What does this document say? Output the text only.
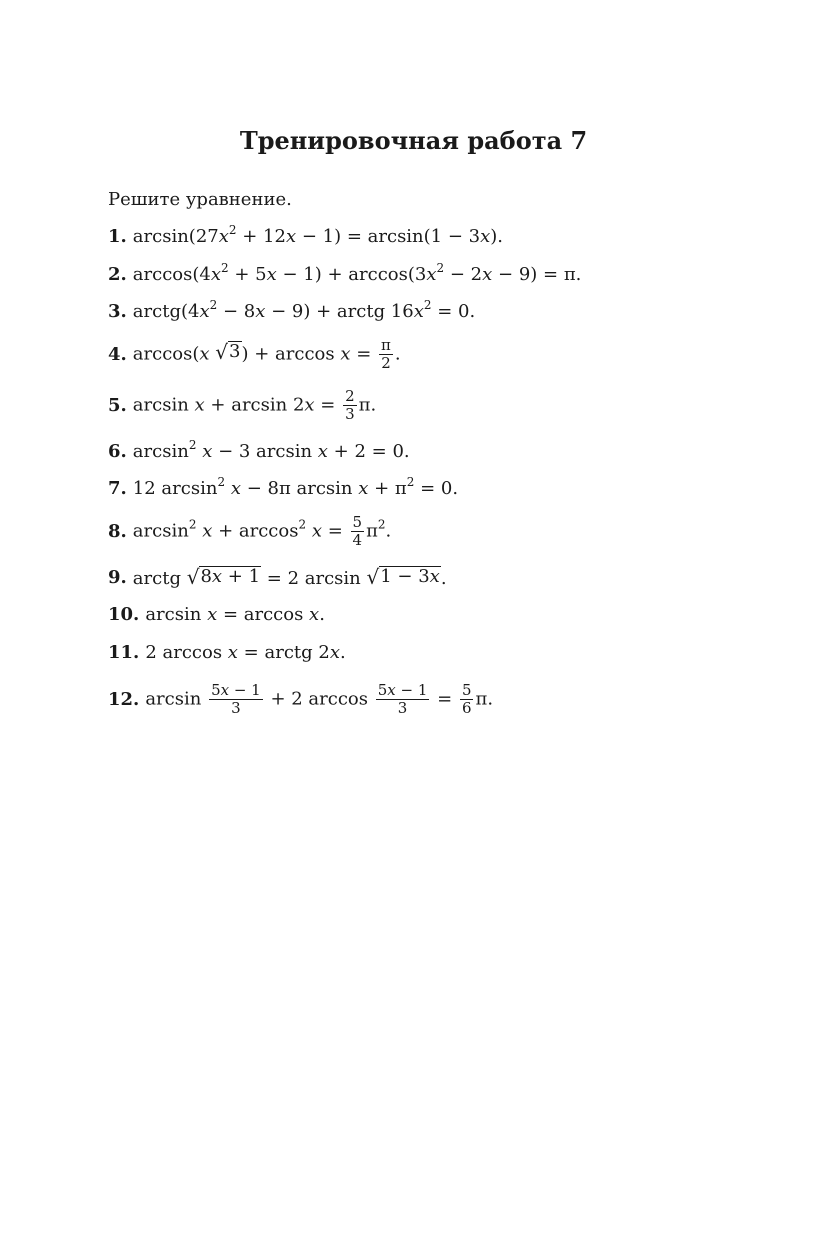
Тренировочная работа 7
Решите уравнение.
1. $\arcsin(27x^2 + 12x - 1) = \arcsin(1 - 3x)$.
2. $\arccos(4x^2 + 5x - 1) + \arccos(3x^2 - 2x - 9) = \pi$.
3. $arctg(4x^2 - 8x - 9)$ + arctg $16x^2 = 0$.
4. arccos(x √ 3 ) + $\arccos x = \frac{\pi}{2}$ .
5. $\arcsin x + \arcsin 2x = \frac{2}{3} \pi$.
6. $\arcsin^2 x - 3$ arcsin x + 2 = 0.
7. 12 $\arcsin^2 x - 8\pi$ $\arcsin x + \pi^2 = 0$.
8. $\arcsin^2 x + \arccos^2 x = \frac{5}{4} \pi^2$.
9. arctg √ 8x + 1 = 2 arcsin √ 1 − 3x .
10. arcsin x = arccos x.
11. 2 arccos x = arctg 2x.
12. $\arcsin \frac{5x - 1}{3} + 2$ $\arccos \frac{5x - 1}{3} = \frac{5}{6} \pi$.
